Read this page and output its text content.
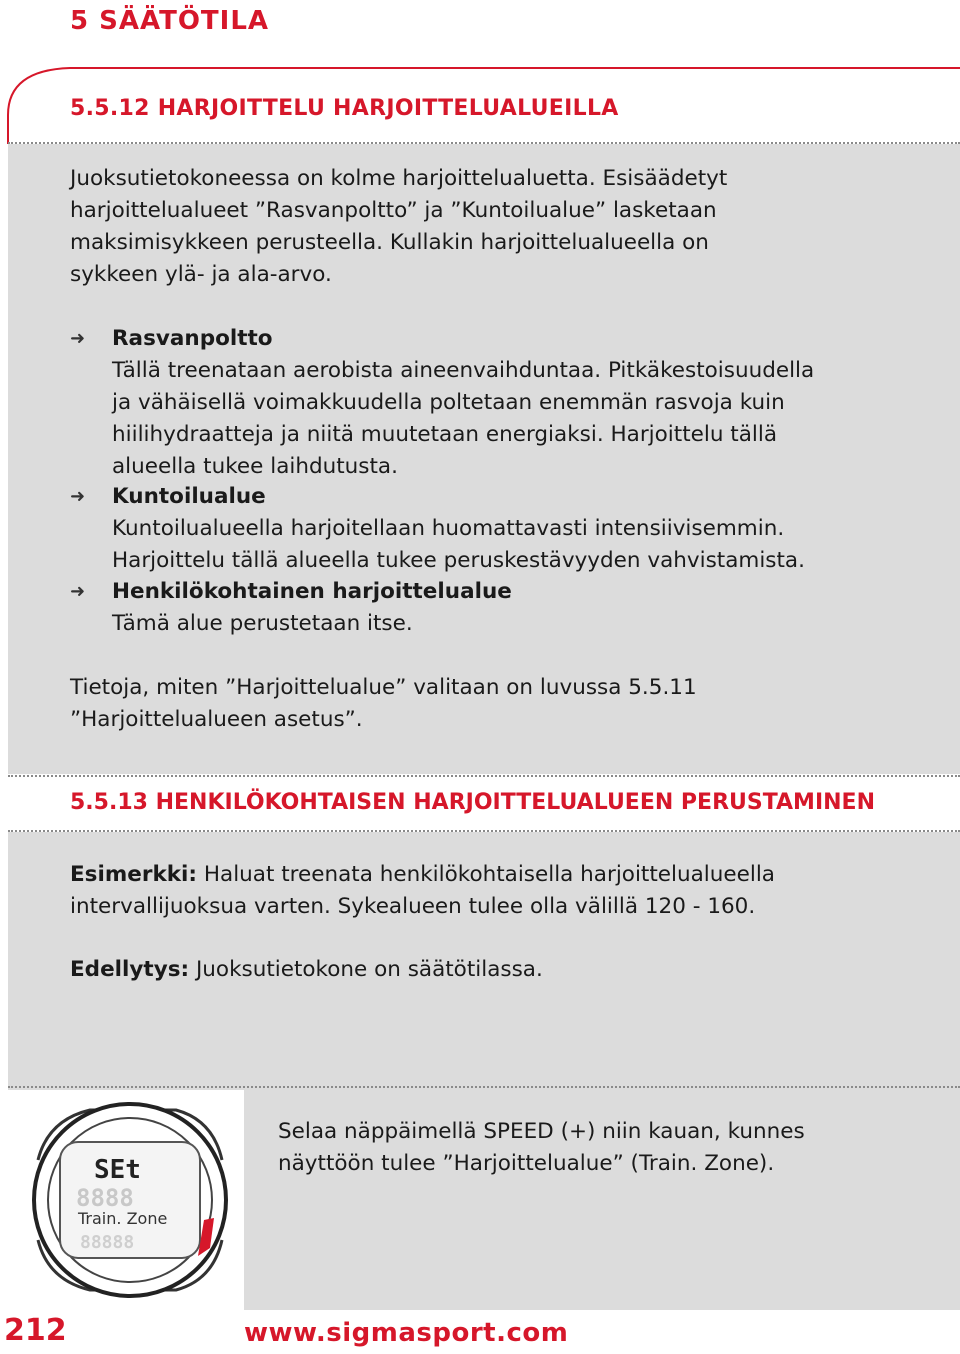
5 SÄÄTÖTILA
5.5.12 HARJOITTELU HARJOITTELUALUEILLA

Juoksutietokoneessa on kolme harjoittelualuetta. Esisäädetyt

harjoittelualueet ”Rasvanpoltto” ja ”Kuntoilualue” lasketaan

maksimisykkeen perusteella. Kullakin harjoittelualueella on

sykkeen ylä- ja ala-arvo.

➜ Rasvanpoltto

Tällä treenataan aerobista aineenvaihduntaa. Pitkäkestoisuudella

ja vähäisellä voimakkuudella poltetaan enemmän rasvoja kuin

hiilihydraatteja ja niitä muutetaan energiaksi. Harjoittelu tällä

alueella tukee laihdutusta.

➜ Kuntoilualue

Kuntoilualueella harjoitellaan huomattavasti intensiivisemmin.

Harjoittelu tällä alueella tukee peruskestävyyden vahvistamista.

➜ Henkilökohtainen harjoittelualue

Tämä alue perustetaan itse.

Tietoja, miten ”Harjoittelualue” valitaan on luvussa 5.5.11

”Harjoittelualueen asetus”.

5.5.13 HENKILÖKOHTAISEN HARJOITTELUALUEEN PERUSTAMINEN

Esimerkki: Haluat treenata henkilökohtaisella harjoittelualueella

intervallijuoksua varten. Sykealueen tulee olla välillä 120 - 160.

Edellytys: Juoksutietokone on säätötilassa.

SEt
8888
Train. Zone
88888

Selaa näppäimellä SPEED (+) niin kauan, kunnes

näyttöön tulee ”Harjoittelualue” (Train. Zone).

212	www.sigmasport.com
